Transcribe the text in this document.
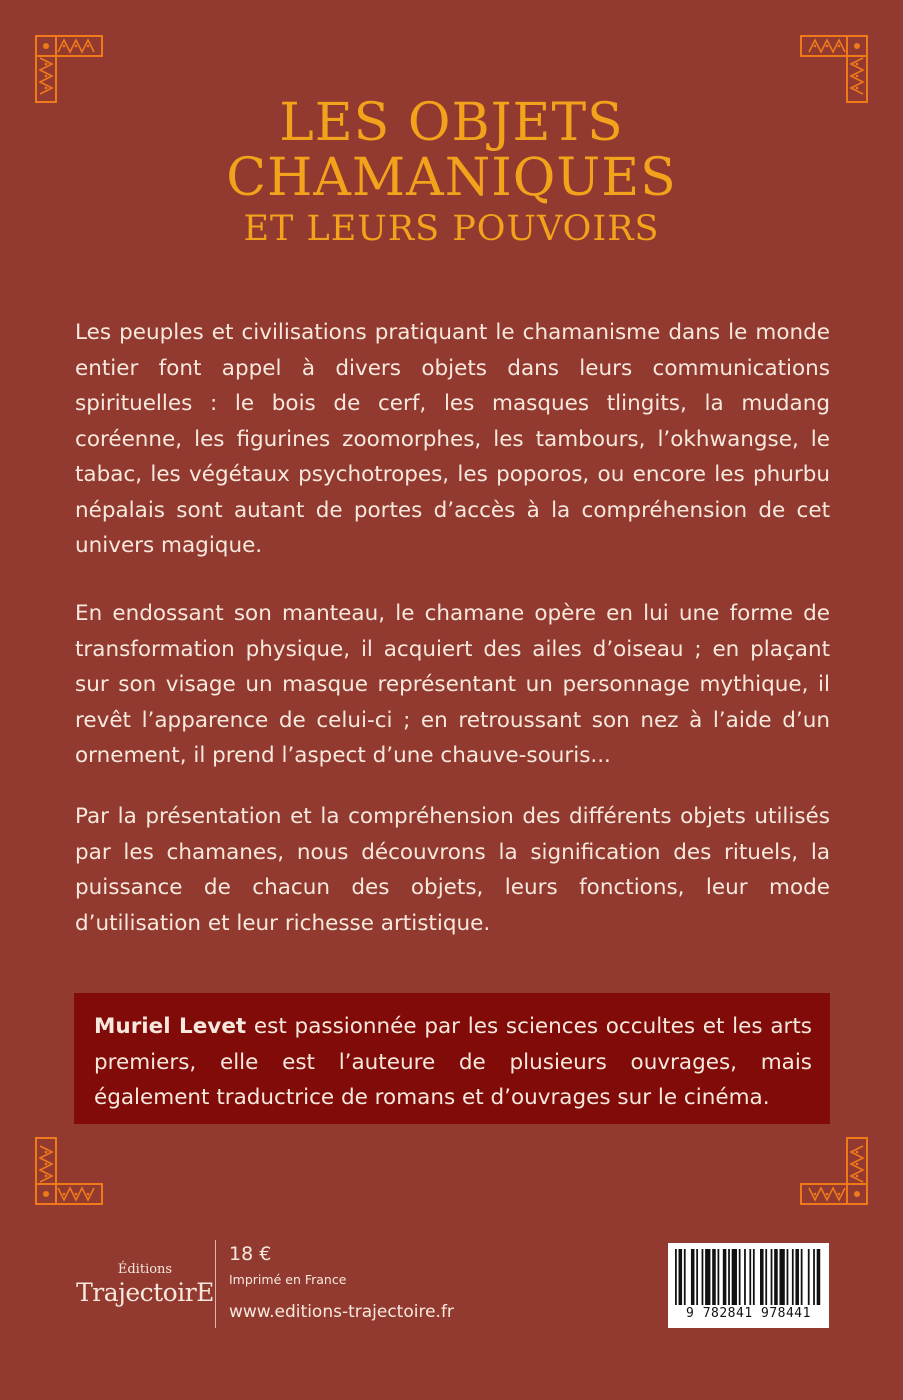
LES OBJETS
CHAMANIQUES
ET LEURS POUVOIRS

Les peuples et civilisations pratiquant le chamanisme dans le monde entier font appel à divers objets dans leurs communications spirituelles : le bois de cerf, les masques tlingits, la mudang coréenne, les figurines zoomorphes, les tambours, l’okhwangse, le tabac, les végétaux psychotropes, les poporos, ou encore les phurbu népalais sont autant de portes d’accès à la compréhension de cet univers magique.

En endossant son manteau, le chamane opère en lui une forme de transformation physique, il acquiert des ailes d’oiseau ; en plaçant sur son visage un masque représentant un personnage mythique, il revêt l’apparence de celui-ci ; en retroussant son nez à l’aide d’un ornement, il prend l’aspect d’une chauve-souris...

Par la présentation et la compréhension des différents objets utilisés par les chamanes, nous découvrons la signification des rituels, la puissance de chacun des objets, leurs fonctions, leur mode d’utilisation et leur richesse artistique.

Muriel Levet est passionnée par les sciences occultes et les arts premiers, elle est l’auteure de plusieurs ouvrages, mais également traductrice de romans et d’ouvrages sur le cinéma.
Éditions
TrajectoirE
18 €
Imprimé en France
www.editions-trajectoire.fr	9 782841 978441
